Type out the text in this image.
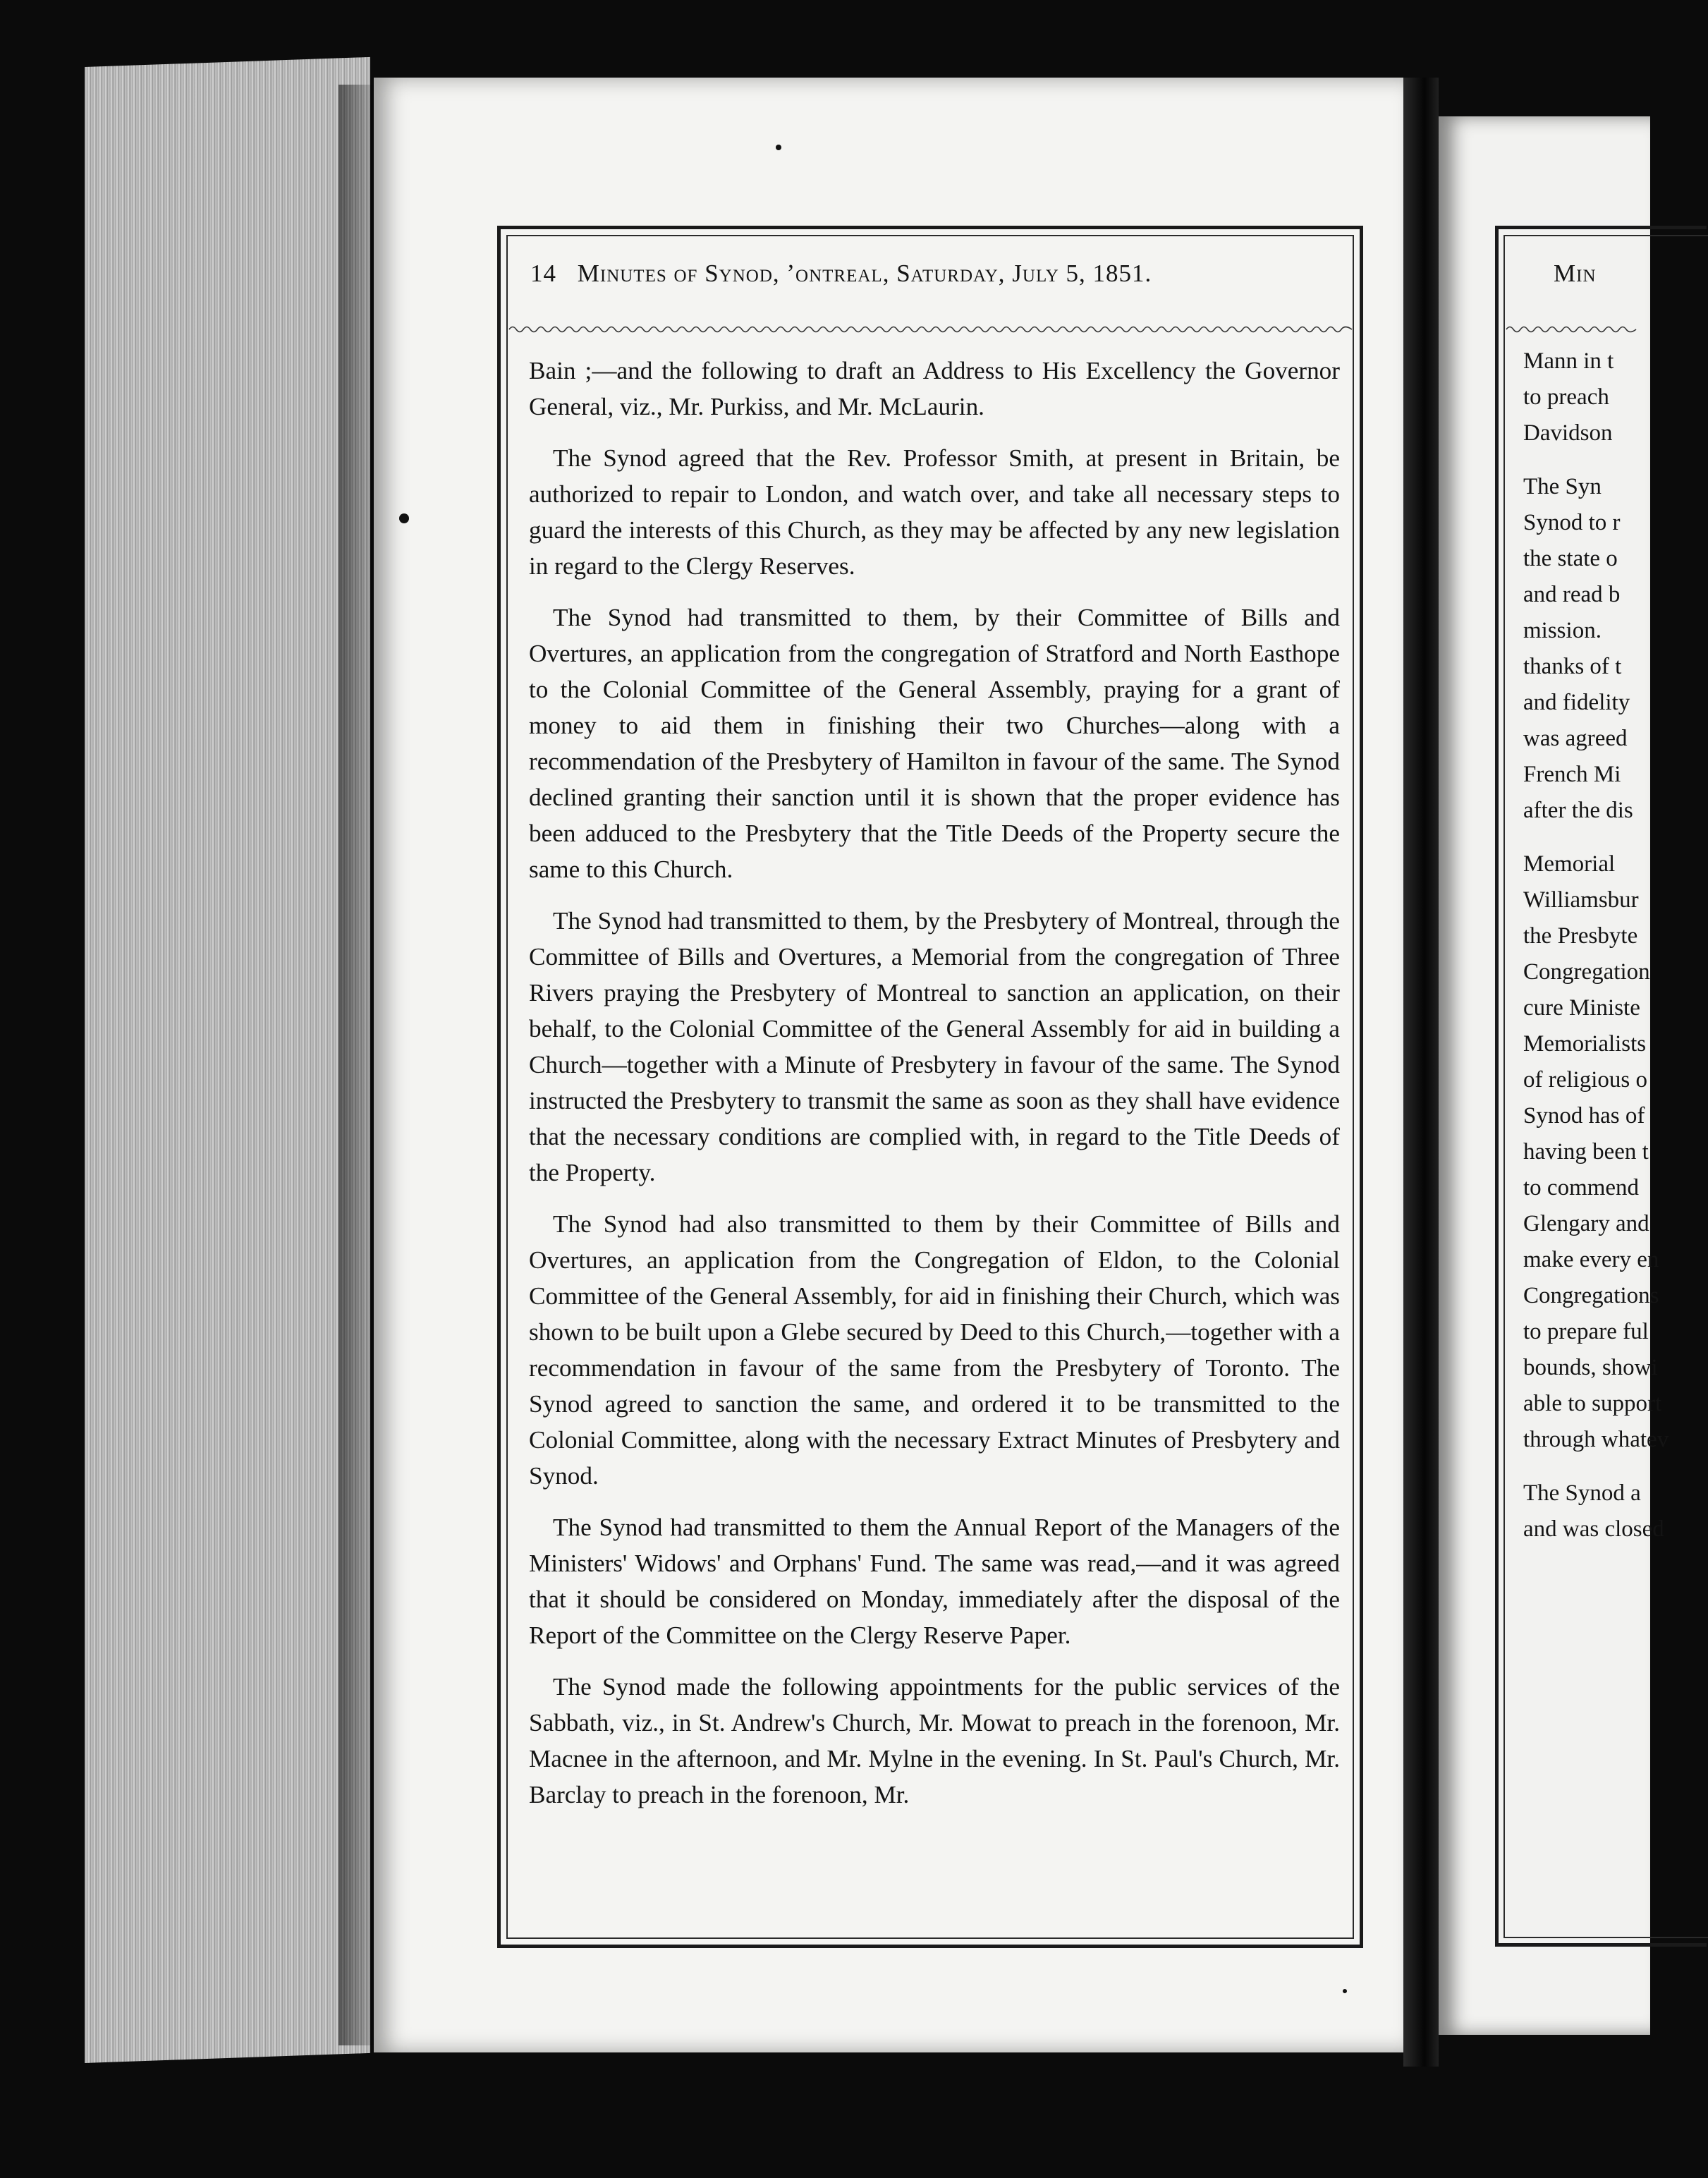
14 Minutes of Synod, ʼontreal, Saturday, July 5, 1851.

Bain ;—and the following to draft an Address to His Excellency the Governor General, viz., Mr. Purkiss, and Mr. McLaurin.

The Synod agreed that the Rev. Professor Smith, at present in Britain, be authorized to repair to London, and watch over, and take all necessary steps to guard the interests of this Church, as they may be affected by any new legislation in regard to the Clergy Reserves.

The Synod had transmitted to them, by their Committee of Bills and Overtures, an application from the congregation of Stratford and North Easthope to the Colonial Committee of the General Assembly, praying for a grant of money to aid them in finishing their two Churches—along with a recommendation of the Presbytery of Hamilton in favour of the same. The Synod declined granting their sanction until it is shown that the proper evidence has been adduced to the Presbytery that the Title Deeds of the Property secure the same to this Church.

The Synod had transmitted to them, by the Presbytery of Montreal, through the Committee of Bills and Overtures, a Memorial from the congregation of Three Rivers praying the Presbytery of Montreal to sanction an application, on their behalf, to the Colonial Committee of the General Assembly for aid in building a Church—together with a Minute of Presbytery in favour of the same. The Synod instructed the Presbytery to transmit the same as soon as they shall have evidence that the necessary conditions are complied with, in regard to the Title Deeds of the Property.

The Synod had also transmitted to them by their Committee of Bills and Overtures, an application from the Congregation of Eldon, to the Colonial Committee of the General Assembly, for aid in finishing their Church, which was shown to be built upon a Glebe secured by Deed to this Church,—together with a recommendation in favour of the same from the Presbytery of Toronto. The Synod agreed to sanction the same, and ordered it to be transmitted to the Colonial Committee, along with the necessary Extract Minutes of Presbytery and Synod.

The Synod had transmitted to them the Annual Report of the Managers of the Ministers' Widows' and Orphans' Fund. The same was read,—and it was agreed that it should be considered on Monday, immediately after the disposal of the Report of the Committee on the Clergy Reserve Paper.

The Synod made the following appointments for the public services of the Sabbath, viz., in St. Andrew's Church, Mr. Mowat to preach in the forenoon, Mr. Macnee in the afternoon, and Mr. Mylne in the evening. In St. Paul's Church, Mr. Barclay to preach in the forenoon, Mr.

Min
Mann in t
to preach
Davidson
The Syn
Synod to r
the state o
and read b
mission.
thanks of t
and fidelity
was agreed
French Mi
after the dis
Memorial
Williamsbur
the Presbyte
Congregation
cure Ministe
Memorialists
of religious o
Synod has of
having been t
to commend
Glengary and
make every en
Congregations
to prepare ful
bounds, showi
able to support
through whatev
The Synod a
and was closed
